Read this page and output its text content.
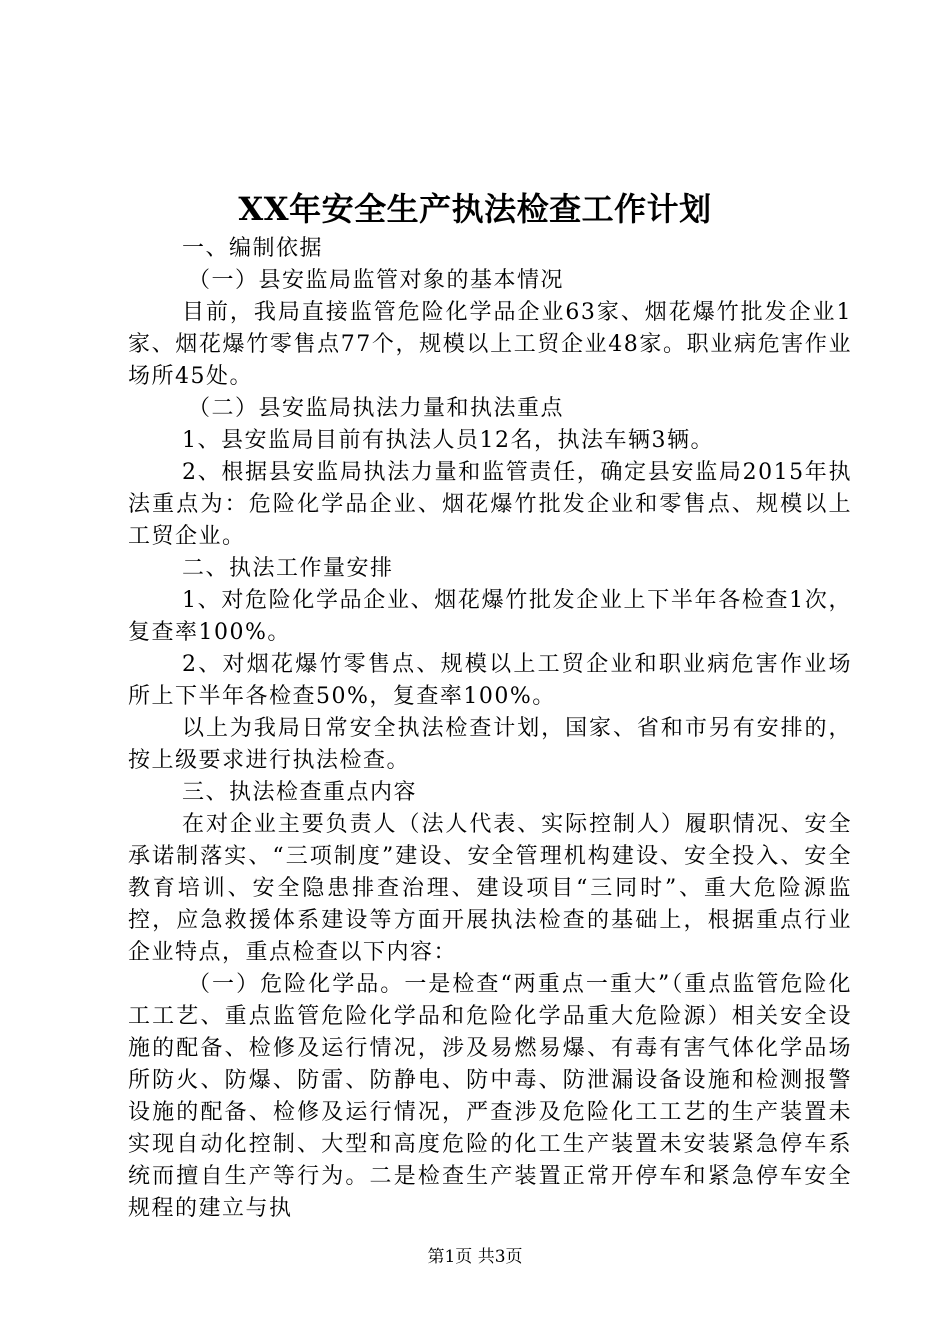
XX年安全生产执法检查工作计划

一、编制依据

（一）县安监局监管对象的基本情况

目前，我局直接监管危险化学品企业63家、烟花爆竹批发企业1家、烟花爆竹零售点77个，规模以上工贸企业48家。职业病危害作业场所45处。

（二）县安监局执法力量和执法重点

1、县安监局目前有执法人员12名，执法车辆3辆。

2、根据县安监局执法力量和监管责任，确定县安监局2015年执法重点为：危险化学品企业、烟花爆竹批发企业和零售点、规模以上工贸企业。

二、执法工作量安排

1、对危险化学品企业、烟花爆竹批发企业上下半年各检查1次，复查率100%。

2、对烟花爆竹零售点、规模以上工贸企业和职业病危害作业场所上下半年各检查50%，复查率100%。

以上为我局日常安全执法检查计划，国家、省和市另有安排的，按上级要求进行执法检查。

三、执法检查重点内容

在对企业主要负责人（法人代表、实际控制人）履职情况、安全承诺制落实、“三项制度”建设、安全管理机构建设、安全投入、安全教育培训、安全隐患排查治理、建设项目“三同时”、重大危险源监控，应急救援体系建设等方面开展执法检查的基础上，根据重点行业企业特点，重点检查以下内容：

（一）危险化学品。一是检查“两重点一重大”（重点监管危险化工工艺、重点监管危险化学品和危险化学品重大危险源）相关安全设施的配备、检修及运行情况，涉及易燃易爆、有毒有害气体化学品场所防火、防爆、防雷、防静电、防中毒、防泄漏设备设施和检测报警设施的配备、检修及运行情况，严查涉及危险化工工艺的生产装置未实现自动化控制、大型和高度危险的化工生产装置未安装紧急停车系统而擅自生产等行为。二是检查生产装置正常开停车和紧急停车安全规程的建立与执

第1页 共3页
